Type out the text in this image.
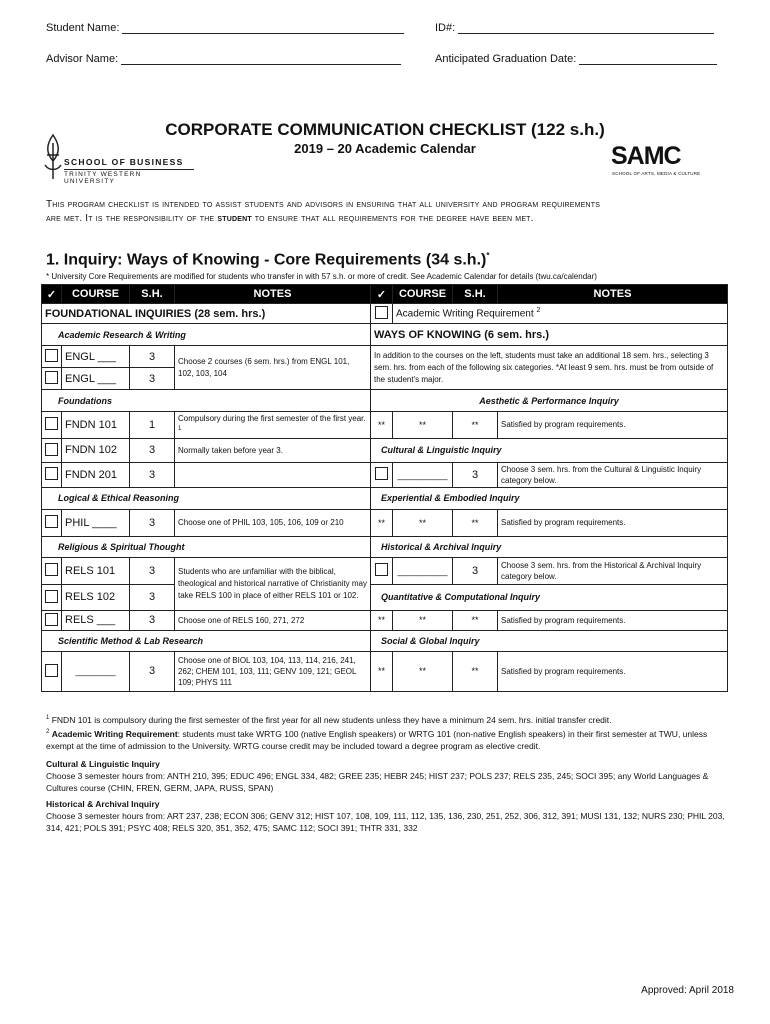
Student Name:	ID#:
Advisor Name:	Anticipated Graduation Date:
SCHOOL OF BUSINESS
TRINITY WESTERN UNIVERSITY
SAMC
SCHOOL OF ARTS, MEDIA & CULTURE
CORPORATE COMMUNICATION CHECKLIST (122 s.h.)
2019 – 20 Academic Calendar
This program checklist is intended to assist students and advisors in ensuring that all university and program requirements
are met. It is the responsibility of the student to ensure that all requirements for the degree have been met.
1. Inquiry: Ways of Knowing - Core Requirements (34 s.h.)*
* University Core Requirements are modified for students who transfer in with 57 s.h. or more of credit. See Academic Calendar for details (twu.ca/calendar)
✓	COURSE	S.H.	NOTES	✓	COURSE	S.H.	NOTES
FOUNDATIONAL INQUIRIES (28 sem. hrs.)					Academic Writing Requirement $^2$
Academic Research & Writing				WAYS OF KNOWING (6 sem. hrs.)			
	ENGL ___	3	Choose 2 courses (6 sem. hrs.) from ENGL 101, 102, 103, 104	In addition to the courses on the left, students must take an additional 18 sem. hrs., selecting 3 sem. hrs. from each of the following six categories. *At least 9 sem. hrs. must be from outside of the student's major.			
	ENGL ___	3					
Foundations				Aesthetic & Performance Inquiry			
	FNDN 101	1	Compulsory during the first semester of the first year. $^1$	**	**	**	Satisfied by program requirements.
	FNDN 102	3	Normally taken before year 3.	Cultural & Linguistic Inquiry			
	FNDN 201	3			__________	3	Choose 3 sem. hrs. from the Cultural & Linguistic Inquiry category below.
Logical & Ethical Reasoning				Experiential & Embodied Inquiry			
	PHIL ____	3	Choose one of PHIL 103, 105, 106, 109 or 210	**	**	**	Satisfied by program requirements.
Religious & Spiritual Thought				Historical & Archival Inquiry			
	RELS 101	3	Students who are unfamiliar with the biblical, theological and historical narrative of Christianity may take RELS 100 in place of either RELS 101 or 102.		__________	3	Choose 3 sem. hrs. from the Historical & Archival Inquiry category below.
	RELS 102	3		Quantitative & Computational Inquiry			
	RELS ___	3	Choose one of RELS 160, 271, 272	**	**	**	Satisfied by program requirements.
Scientific Method & Lab Research				Social & Global Inquiry			
	________	3	Choose one of BIOL 103, 104, 113, 114, 216, 241, 262; CHEM 101, 103, 111; GENV 109, 121; GEOL 109; PHYS 111	**	**	**	Satisfied by program requirements.
$^1$ FNDN 101 is compulsory during the first semester of the first year for all new students unless they have a minimum 24 sem. hrs. initial transfer credit.
$^2$ Academic Writing Requirement: students must take WRTG 100 (native English speakers) or WRTG 101 (non-native English speakers) in their first semester at TWU, unless exempt at the time of admission to the University. WRTG course credit may be included toward a degree program as elective credit.
Cultural & Linguistic Inquiry
Choose 3 semester hours from: ANTH 210, 395; EDUC 496; ENGL 334, 482; GREE 235; HEBR 245; HIST 237; POLS 237; RELS 235, 245; SOCI 395; any World Languages & Cultures course (CHIN, FREN, GERM, JAPA, RUSS, SPAN)
Historical & Archival Inquiry
Choose 3 semester hours from: ART 237, 238; ECON 306; GENV 312; HIST 107, 108, 109, 111, 112, 135, 136, 230, 251, 252, 306, 312, 391; MUSI 131, 132; NURS 230; PHIL 203, 314, 421; POLS 391; PSYC 408; RELS 320, 351, 352, 475; SAMC 112; SOCI 391; THTR 331, 332
Approved: April 2018
